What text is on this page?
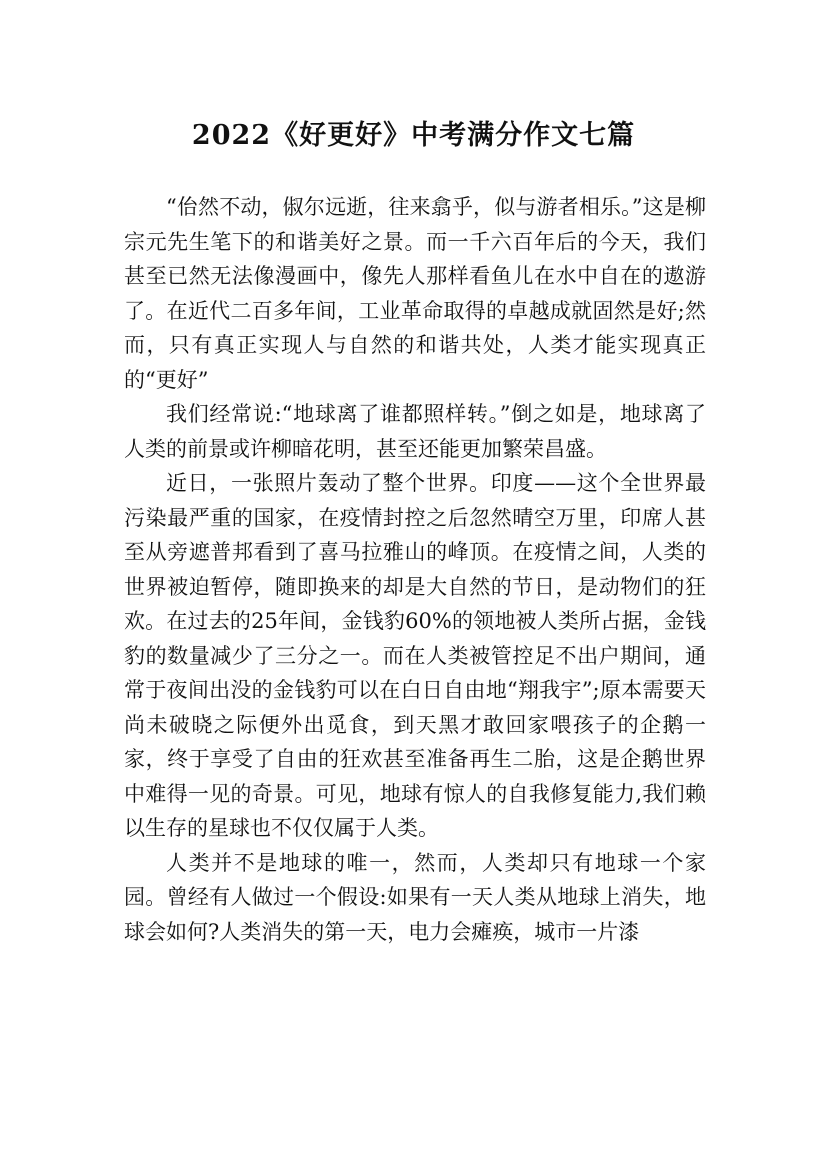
2022《好更好》中考满分作文七篇

“佁然不动，俶尔远逝，往来翕乎，似与游者相乐。”这是柳宗元先生笔下的和谐美好之景。而一千六百年后的今天，我们甚至已然无法像漫画中，像先人那样看鱼儿在水中自在的遨游了。在近代二百多年间，工业革命取得的卓越成就固然是好;然而，只有真正实现人与自然的和谐共处，人类才能实现真正的“更好”

我们经常说:“地球离了谁都照样转。”倒之如是，地球离了人类的前景或许柳暗花明，甚至还能更加繁荣昌盛。

近日，一张照片轰动了整个世界。印度——这个全世界最污染最严重的国家，在疫情封控之后忽然晴空万里，印席人甚至从旁遮普邦看到了喜马拉雅山的峰顶。在疫情之间，人类的世界被迫暂停，随即换来的却是大自然的节日，是动物们的狂欢。在过去的25年间，金钱豹60%的领地被人类所占据，金钱豹的数量减少了三分之一。而在人类被管控足不出户期间，通常于夜间出没的金钱豹可以在白日自由地“翔我宇”;原本需要天尚未破晓之际便外出觅食，到天黑才敢回家喂孩子的企鹅一家，终于享受了自由的狂欢甚至准备再生二胎，这是企鹅世界中难得一见的奇景。可见，地球有惊人的自我修复能力,我们赖以生存的星球也不仅仅属于人类。

人类并不是地球的唯一，然而，人类却只有地球一个家园。曾经有人做过一个假设:如果有一天人类从地球上消失，地球会如何?人类消失的第一天，电力会瘫痪，城市一片漆
